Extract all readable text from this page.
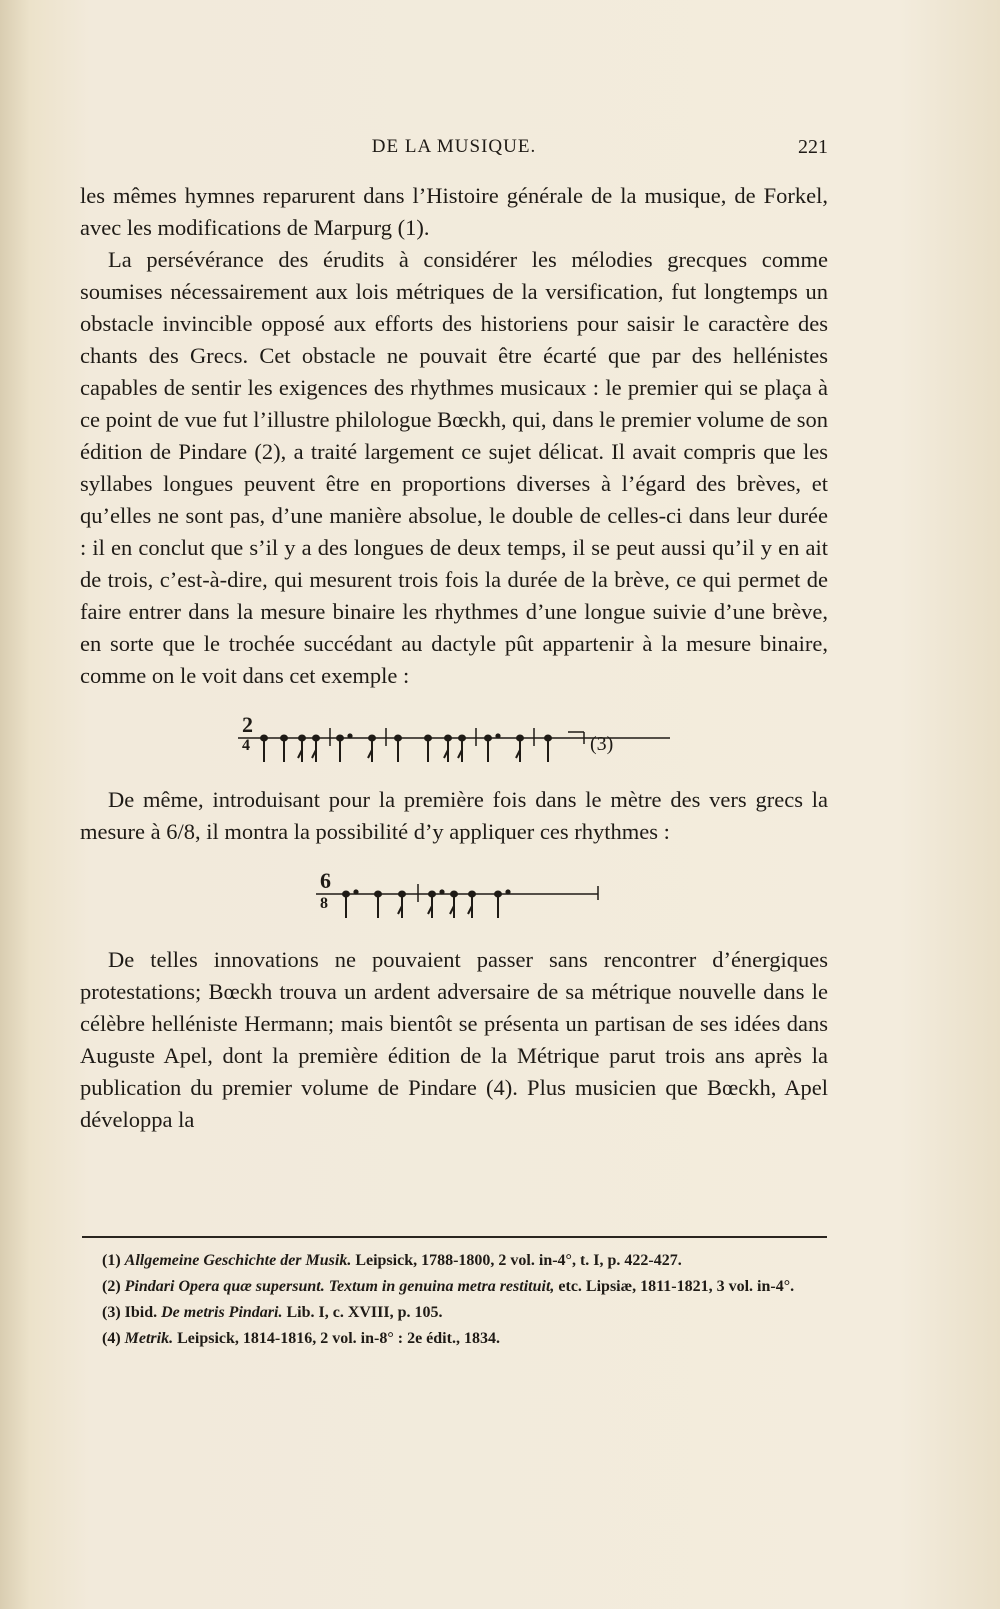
DE LA MUSIQUE.	221

les mêmes hymnes reparurent dans l’Histoire générale de la musique, de Forkel, avec les modifications de Marpurg (1).

La persévérance des érudits à considérer les mélodies grecques comme soumises nécessairement aux lois métriques de la versification, fut longtemps un obstacle invincible opposé aux efforts des historiens pour saisir le caractère des chants des Grecs. Cet obstacle ne pouvait être écarté que par des hellénistes capables de sentir les exigences des rhythmes musicaux : le premier qui se plaça à ce point de vue fut l’illustre philologue Bœckh, qui, dans le premier volume de son édition de Pindare (2), a traité largement ce sujet délicat. Il avait compris que les syllabes longues peuvent être en proportions diverses à l’égard des brèves, et qu’elles ne sont pas, d’une manière absolue, le double de celles-ci dans leur durée : il en conclut que s’il y a des longues de deux temps, il se peut aussi qu’il y en ait de trois, c’est-à-dire, qui mesurent trois fois la durée de la brève, ce qui permet de faire entrer dans la mesure binaire les rhythmes d’une longue suivie d’une brève, en sorte que le trochée succédant au dactyle pût appartenir à la mesure binaire, comme on le voit dans cet exemple :

2
4	(3)

De même, introduisant pour la première fois dans le mètre des vers grecs la mesure à 6/8, il montra la possibilité d’y appliquer ces rhythmes :

6
8

De telles innovations ne pouvaient passer sans rencontrer d’énergiques protestations; Bœckh trouva un ardent adversaire de sa métrique nouvelle dans le célèbre helléniste Hermann; mais bientôt se présenta un partisan de ses idées dans Auguste Apel, dont la première édition de la Métrique parut trois ans après la publication du premier volume de Pindare (4). Plus musicien que Bœckh, Apel développa la

(1) Allgemeine Geschichte der Musik. Leipsick, 1788-1800, 2 vol. in-4°, t. I, p. 422-427.

(2) Pindari Opera quæ supersunt. Textum in genuina metra restituit, etc. Lipsiæ, 1811-1821, 3 vol. in-4°.

(3) Ibid. De metris Pindari. Lib. I, c. XVIII, p. 105.

(4) Metrik. Leipsick, 1814-1816, 2 vol. in-8° : 2e édit., 1834.
